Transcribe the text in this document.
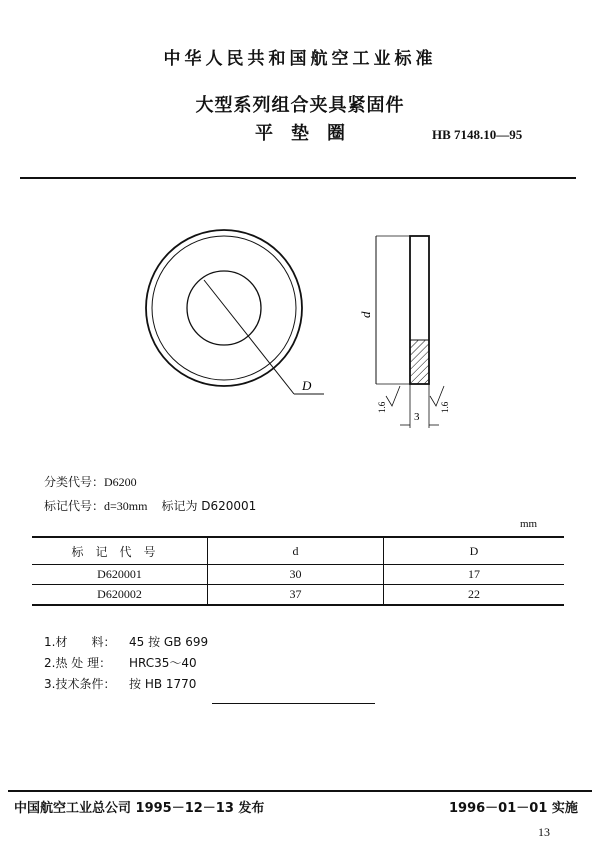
中华人民共和国航空工业标准
大型系列组合夹具紧固件
平垫圈	HB 7148.10—95
D
d
1.6	1.6
3
分类代号：D6200
标记代号：d=30mm 标记为 D620001
mm
标记代号	d	D
D620001	30	17
D620002	37	22
1.材　　料： 45 按 GB 699
2.热 处 理： HRC35～40
3.技术条件： 按 HB 1770
中国航空工业总公司 1995－12－13 发布	1996－01－01 实施
13
